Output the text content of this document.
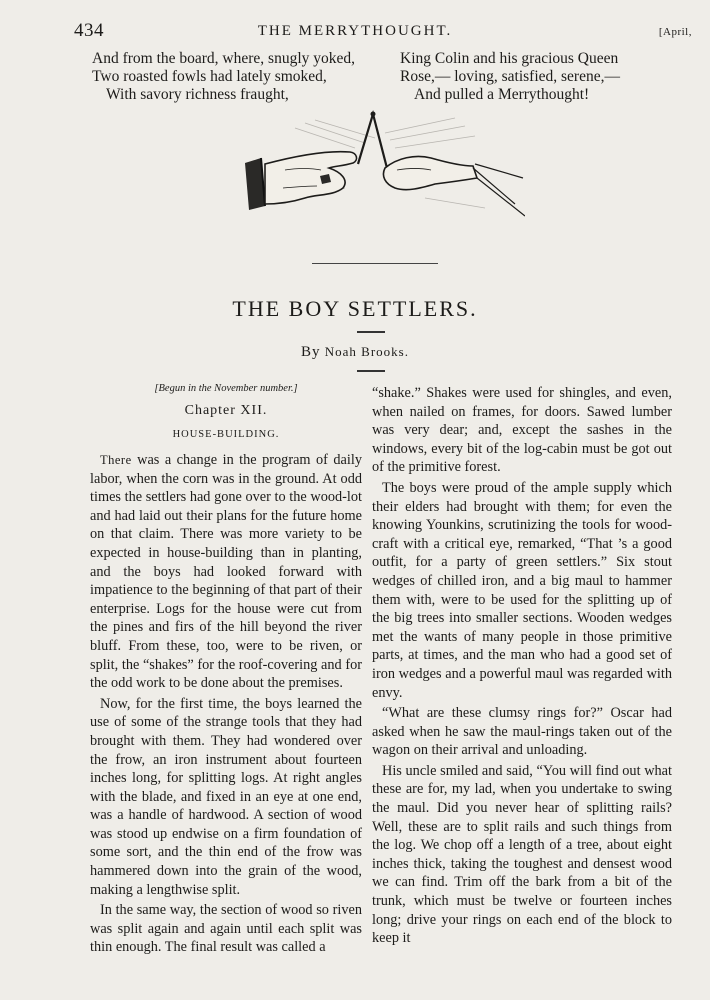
434	THE MERRYTHOUGHT.	[April,
And from the board, where, snugly yoked,
Two roasted fowls had lately smoked,
With savory richness fraught,
King Colin and his gracious Queen
Rose,— loving, satisfied, serene,—
And pulled a Merrythought!
THE BOY SETTLERS.
By Noah Brooks.
[Begun in the November number.]
Chapter XII.
HOUSE-BUILDING.

There was a change in the program of daily labor, when the corn was in the ground. At odd times the settlers had gone over to the wood-lot and had laid out their plans for the future home on that claim. There was more variety to be expected in house-building than in planting, and the boys had looked forward with impatience to the beginning of that part of their enterprise. Logs for the house were cut from the pines and firs of the hill beyond the river bluff. From these, too, were to be riven, or split, the “shakes” for the roof-covering and for the odd work to be done about the premises.

Now, for the first time, the boys learned the use of some of the strange tools that they had brought with them. They had wondered over the frow, an iron instrument about fourteen inches long, for splitting logs. At right angles with the blade, and fixed in an eye at one end, was a handle of hardwood. A section of wood was stood up endwise on a firm foundation of some sort, and the thin end of the frow was hammered down into the grain of the wood, making a lengthwise split.

In the same way, the section of wood so riven was split again and again until each split was thin enough. The final result was called a

“shake.” Shakes were used for shingles, and even, when nailed on frames, for doors. Sawed lumber was very dear; and, except the sashes in the windows, every bit of the log-cabin must be got out of the primitive forest.

The boys were proud of the ample supply which their elders had brought with them; for even the knowing Younkins, scrutinizing the tools for wood-craft with a critical eye, remarked, “That ’s a good outfit, for a party of green settlers.” Six stout wedges of chilled iron, and a big maul to hammer them with, were to be used for the splitting up of the big trees into smaller sections. Wooden wedges met the wants of many people in those primitive parts, at times, and the man who had a good set of iron wedges and a powerful maul was regarded with envy.

“What are these clumsy rings for?” Oscar had asked when he saw the maul-rings taken out of the wagon on their arrival and unloading.

His uncle smiled and said, “You will find out what these are for, my lad, when you undertake to swing the maul. Did you never hear of splitting rails? Well, these are to split rails and such things from the log. We chop off a length of a tree, about eight inches thick, taking the toughest and densest wood we can find. Trim off the bark from a bit of the trunk, which must be twelve or fourteen inches long; drive your rings on each end of the block to keep it
